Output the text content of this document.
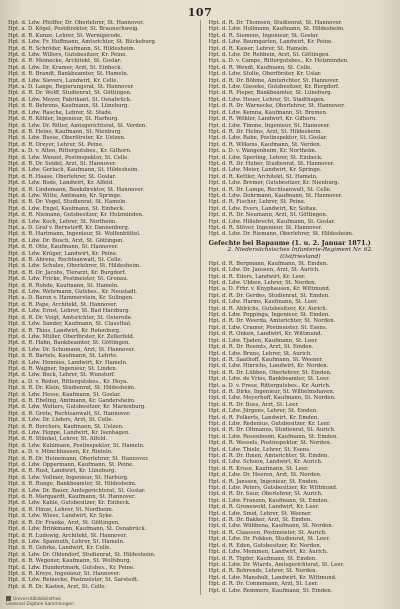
107
Hpt. d. Ldw. Pfeiffer, Dr. Oberlehrer, St. Hannover.
Hpt. a. D. Kögel, Postdirektor, St. Braunschweig.
Hpt. d. R. Kunze, Lehrer, St. Wernigerode.
Hpt. d. Ldw. Fr. Hoffmann, Amtsrichter, St. Bückeburg.
Hpt. d. R. Schröder, Kaufmann, St. Hildesheim.
Hpt. d. Ldw. Willers, Gutsbesitzer, Kr. Peine.
Hpt. d. R. Meinecke, Architekt, St. Goslar.
Hpt. d. Ldw. Dr. Kramer, Arzt, St. Einbeck.
Hpt. d. R. Brandt, Bankbeamter, St. Hameln.
Hpt. d. Ldw. Sievers, Landwirt, Kr. Celle.
Hpt. a. D. Lange, Regierungsrat, St. Hannover.
Hpt. d. R. Dr. Wolff, Studienrat, St. Göttingen.
Hpt. d. Ldw. Meyer, Fabrikant, St. Osnabrück.
Hpt. d. R. Behrens, Kaufmann, St. Lüneburg.
Hpt. d. Ldw. Rasche, Lehrer, St. Stade.
Hpt. d. R. Köhler, Ingenieur, St. Harburg.
Hpt. d. Ldw. Dr. Ritter, Amtsgerichtsrat, St. Verden.
Hpt. d. R. Heine, Kaufmann, St. Nienburg.
Hpt. d. Ldw. Busse, Oberförster, Kr. Uelzen.
Hpt. d. R. Dreyer, Lehrer, St. Peine.
Hpt. a. D. v. Alten, Rittergutsbes., Kr. Gifhorn.
Hpt. d. Ldw. Wenzel, Postinspektor, St. Celle.
Hpt. d. R. Dr. Seidel, Arzt, St. Hannover.
Hpt. d. Ldw. Gerlach, Kaufmann, St. Hildesheim.
Hpt. d. R. Haase, Oberlehrer, St. Goslar.
Hpt. d. Ldw. Bode, Landwirt, Kr. Alfeld.
Hpt. d. R. Lindemann, Bankdirektor, St. Hannover.
Hpt. d. Ldw. Witte, Amtmann, Kr. Springe.
Hpt. d. R. Dr. Vogel, Studienrat, St. Hameln.
Hpt. d. Ldw. Engel, Kaufmann, St. Einbeck.
Hpt. d. R. Niemann, Gutsbesitzer, Kr. Holzminden.
Hpt. d. Ldw. Koch, Lehrer, St. Northeim.
Hpt. a. D. Graf v. Bernstorff, Kr. Dannenberg.
Hpt. d. R. Hartmann, Ingenieur, St. Wolfenbüttel.
Hpt. d. Ldw. Dr. Busch, Arzt, St. Göttingen.
Hpt. d. R. Otte, Kaufmann, St. Hannover.
Hpt. d. Ldw. Krüger, Landwirt, Kr. Peine.
Hpt. d. R. Ahrens, Rechtsanwalt, St. Celle.
Hpt. d. Ldw. Schulze, Oberlehrer, St. Hildesheim.
Hpt. d. R. Dr. Jacobs, Tierarzt, Kr. Burgdorf.
Hpt. d. Ldw. Fricke, Postmeister, St. Gronau.
Hpt. d. R. Rohde, Kaufmann, St. Hameln.
Hpt. d. Ldw. Wehrmann, Gutsbes., Kr. Neustadt.
Hpt. a. D. Baron v. Hammerstein, Kr. Sulingen.
Hpt. d. R. Pape, Architekt, St. Hannover.
Hpt. d. Ldw. Ernst, Lehrer, St. Bad Harzburg.
Hpt. d. R. Dr. Voigt, Amtsrichter, St. Osterode.
Hpt. d. Ldw. Sander, Kaufmann, St. Clausthal.
Hpt. d. R. Thies, Landwirt, Kr. Rotenburg.
Hpt. d. Ldw. Müller, Oberförster, Kr. Zellerfeld.
Hpt. d. R. Hahn, Bankbeamter, St. Göttingen.
Hpt. d. Ldw. Dr. Schumann, Arzt, St. Hannover.
Hpt. d. R. Bartels, Kaufmann, St. Lehrte.
Hpt. d. Ldw. Hennies, Landwirt, Kr. Hameln.
Hpt. d. R. Wagner, Ingenieur, St. Linden.
Hpt. d. Ldw. Bock, Lehrer, St. Wunstorf.
Hpt. a. D. v. Reden, Rittergutsbes., Kr. Hoya.
Hpt. d. R. Dr. Klein, Studienrat, St. Hildesheim.
Hpt. d. Ldw. Hesse, Kaufmann, St. Goslar.
Hpt. d. R. Ebeling, Amtmann, Kr. Gandersheim.
Hpt. d. Ldw. Wolters, Gutsbesitzer, Kr. Marienburg.
Hpt. d. R. Grote, Rechtsanwalt, St. Hannover.
Hpt. d. Ldw. Dr. Lüders, Arzt, St. Celle.
Hpt. d. R. Borchers, Kaufmann, St. Uelzen.
Hpt. d. Ldw. Hoppe, Landwirt, Kr. Isenhagen.
Hpt. d. R. Stünkel, Lehrer, St. Alfeld.
Hpt. d. Ldw. Kuhlmann, Postinspektor, St. Hameln.
Hpt. a. D. v. Münchhausen, Kr. Rinteln.
Hpt. d. R. Dr. Heinemann, Oberlehrer, St. Hannover.
Hpt. d. Ldw. Oppermann, Kaufmann, St. Peine.
Hpt. d. R. Rust, Landwirt, Kr. Lüneburg.
Hpt. d. Ldw. Vollmer, Ingenieur, St. Harburg.
Hpt. d. R. Runge, Bankbeamter, St. Hildesheim.
Hpt. d. Ldw. Dr. Bauer, Amtsgerichtsrat, St. Goslar.
Hpt. d. R. Marquardt, Kaufmann, St. Hannover.
Hpt. d. Ldw. Kahle, Gutsbesitzer, Kr. Einbeck.
Hpt. d. R. Hinze, Lehrer, St. Nordheim.
Hpt. d. Ldw. Wiese, Landwirt, Kr. Syke.
Hpt. d. R. Dr. Franke, Arzt, St. Göttingen.
Hpt. d. Ldw. Brinkmann, Kaufmann, St. Osnabrück.
Hpt. d. R. Ludewig, Architekt, St. Hannover.
Hpt. d. Ldw. Spannuth, Lehrer, St. Hameln.
Hpt. d. R. Gehrke, Landwirt, Kr. Celle.
Hpt. d. Ldw. Dr. Ohlendorf, Studienrat, St. Hildesheim.
Hpt. d. R. Wegener, Kaufmann, St. Wolfsburg.
Hpt. d. Ldw. Hundertmark, Gutsbes., Kr. Peine.
Hpt. d. R. Kreye, Ingenieur, St. Hannover.
Hpt. d. Ldw. Reinecke, Postmeister, St. Sarstedt.
Hpt. d. R. Dr. Kasten, Arzt, St. Celle.
Hpt. d. R. Dr. Thomsen, Studienrat, St. Hannover.
Hpt. d. Ldw. Hollmann, Kaufmann, St. Hildesheim.
Hpt. d. R. Siemens, Ingenieur, St. Goslar.
Hpt. d. Ldw. Baumgarten, Landwirt, Kr. Peine.
Hpt. d. R. Kaiser, Lehrer, St. Hameln.
Hpt. d. Ldw. Dr. Rehbein, Arzt, St. Göttingen.
Hpt. a. D. v. Campe, Rittergutsbes., Kr. Holzminden.
Hpt. d. R. Wendt, Kaufmann, St. Celle.
Hpt. d. Ldw. Stolte, Oberförster, Kr. Uslar.
Hpt. d. R. Dr. Böhme, Amtsrichter, St. Hannover.
Hpt. d. Ldw. Gieseke, Gutsbesitzer, Kr. Burgdorf.
Hpt. d. R. Pieper, Bankbeamter, St. Lüneburg.
Hpt. d. Ldw. Heuer, Lehrer, St. Stadthagen.
Hpt. d. R. Dr. Warnecke, Oberlehrer, St. Hannover.
Hpt. d. Ldw. Kemna, Kaufmann, St. Bremen.
Hpt. d. R. Wöhler, Landwirt, Kr. Gifhorn.
Hpt. d. Ldw. Timme, Ingenieur, St. Hannover.
Hpt. d. R. Dr. Helms, Arzt, St. Hildesheim.
Hpt. d. Ldw. Rabe, Postinspektor, St. Goslar.
Hpt. d. R. Wilkens, Kaufmann, St. Verden.
Hpt. a. D. v. Wangenheim, Kr. Northeim.
Hpt. d. Ldw. Sperling, Lehrer, St. Einbeck.
Hpt. d. R. Dr. Huber, Studienrat, St. Hannover.
Hpt. d. Ldw. Meier, Landwirt, Kr. Springe.
Hpt. d. R. Kettler, Architekt, St. Hameln.
Hpt. d. Ldw. Bremer, Gutsbesitzer, Kr. Nienburg.
Hpt. d. R. Dr. Lampe, Rechtsanwalt, St. Celle.
Hpt. d. Ldw. Dohrmann, Kaufmann, St. Hannover.
Hpt. d. R. Fischer, Lehrer, St. Peine.
Hpt. d. Ldw. Evers, Landwirt, Kr. Soltau.
Hpt. d. R. Dr. Neumann, Arzt, St. Göttingen.
Hpt. d. Ldw. Hillebrecht, Kaufmann, St. Goslar.
Hpt. d. R. Stöver, Ingenieur, St. Hannover.
Hpt. d. Ldw. Dr. Riemann, Oberlehrer, St. Hildesheim.
Gefechte bei Bapaume (1. u. 2. Januar 1871.)
2. Niedersächsisches Infanterie-Regiment Nr. 62.
(Ostfriesland)
Hpt. d. R. Bergmann, Kaufmann, St. Emden.
Hpt. d. Ldw. Dr. Janssen, Arzt, St. Aurich.
Hpt. d. R. Eilers, Landwirt, Kr. Leer.
Hpt. d. Ldw. Ubben, Lehrer, St. Norden.
Hpt. a. D. Frhr. v. Knyphausen, Kr. Wittmund.
Hpt. d. R. Dr. Gerdes, Studienrat, St. Emden.
Hpt. d. Ldw. Harms, Kaufmann, St. Leer.
Hpt. d. R. Ahlrichs, Gutsbesitzer, Kr. Aurich.
Hpt. d. Ldw. Poppinga, Ingenieur, St. Emden.
Hpt. d. R. Dr. Weerda, Amtsrichter, St. Norden.
Hpt. d. Ldw. Cramer, Postmeister, St. Esens.
Hpt. d. R. Onken, Landwirt, Kr. Wittmund.
Hpt. d. Ldw. Tjaden, Kaufmann, St. Leer.
Hpt. d. R. Dr. Reemts, Arzt, St. Emden.
Hpt. d. Ldw. Bruns, Lehrer, St. Aurich.
Hpt. d. R. Saathoff, Kaufmann, St. Weener.
Hpt. d. Ldw. Hinrichs, Landwirt, Kr. Norden.
Hpt. d. R. Dr. Lübben, Oberlehrer, St. Emden.
Hpt. d. Ldw. de Vries, Bankbeamter, St. Leer.
Hpt. a. D. v. Frese, Rittergutsbes., Kr. Aurich.
Hpt. d. R. Dirks, Ingenieur, St. Wilhelmshaven.
Hpt. d. Ldw. Meyerhoff, Kaufmann, St. Norden.
Hpt. d. R. Dr. Buss, Arzt, St. Leer.
Hpt. d. Ldw. Jürgens, Lehrer, St. Emden.
Hpt. d. R. Folkerts, Landwirt, Kr. Emden.
Hpt. d. Ldw. Redenius, Gutsbesitzer, Kr. Leer.
Hpt. d. R. Dr. Oltmanns, Studienrat, St. Aurich.
Hpt. d. Ldw. Rosenboom, Kaufmann, St. Emden.
Hpt. d. R. Wessels, Postinspektor, St. Norden.
Hpt. d. Ldw. Thiele, Lehrer, St. Esens.
Hpt. d. R. Dr. Ihnen, Amtsrichter, St. Emden.
Hpt. d. Ldw. Schoon, Landwirt, Kr. Aurich.
Hpt. d. R. Kruse, Kaufmann, St. Leer.
Hpt. d. Ldw. Dr. Heeren, Arzt, St. Norden.
Hpt. d. R. Janssen, Ingenieur, St. Emden.
Hpt. d. Ldw. Peters, Gutsbesitzer, Kr. Wittmund.
Hpt. d. R. Dr. Suur, Oberlehrer, St. Aurich.
Hpt. d. Ldw. Franzen, Kaufmann, St. Emden.
Hpt. d. R. Gronewold, Landwirt, Kr. Leer.
Hpt. d. Ldw. Smid, Lehrer, St. Weener.
Hpt. d. R. Dr. Bakker, Arzt, St. Emden.
Hpt. d. Ldw. Wübbena, Kaufmann, St. Norden.
Hpt. d. R. Claassen, Postmeister, St. Aurich.
Hpt. d. Ldw. Dr. Fokken, Studienrat, St. Leer.
Hpt. d. R. Eden, Gutsbesitzer, Kr. Norden.
Hpt. d. Ldw. Memmen, Landwirt, Kr. Aurich.
Hpt. d. R. Töpfer, Kaufmann, St. Emden.
Hpt. d. Ldw. Dr. Wiards, Amtsgerichtsrat, St. Leer.
Hpt. d. R. Behrends, Lehrer, St. Norden.
Hpt. d. Ldw. Mansholt, Landwirt, Kr. Wittmund.
Hpt. d. R. Dr. Connemann, Arzt, St. Leer.
Hpt. d. Ldw. Remmers, Kaufmann, St. Emden.
Universitätsbibliothek
Lesesaal Digitale Sammlungen
